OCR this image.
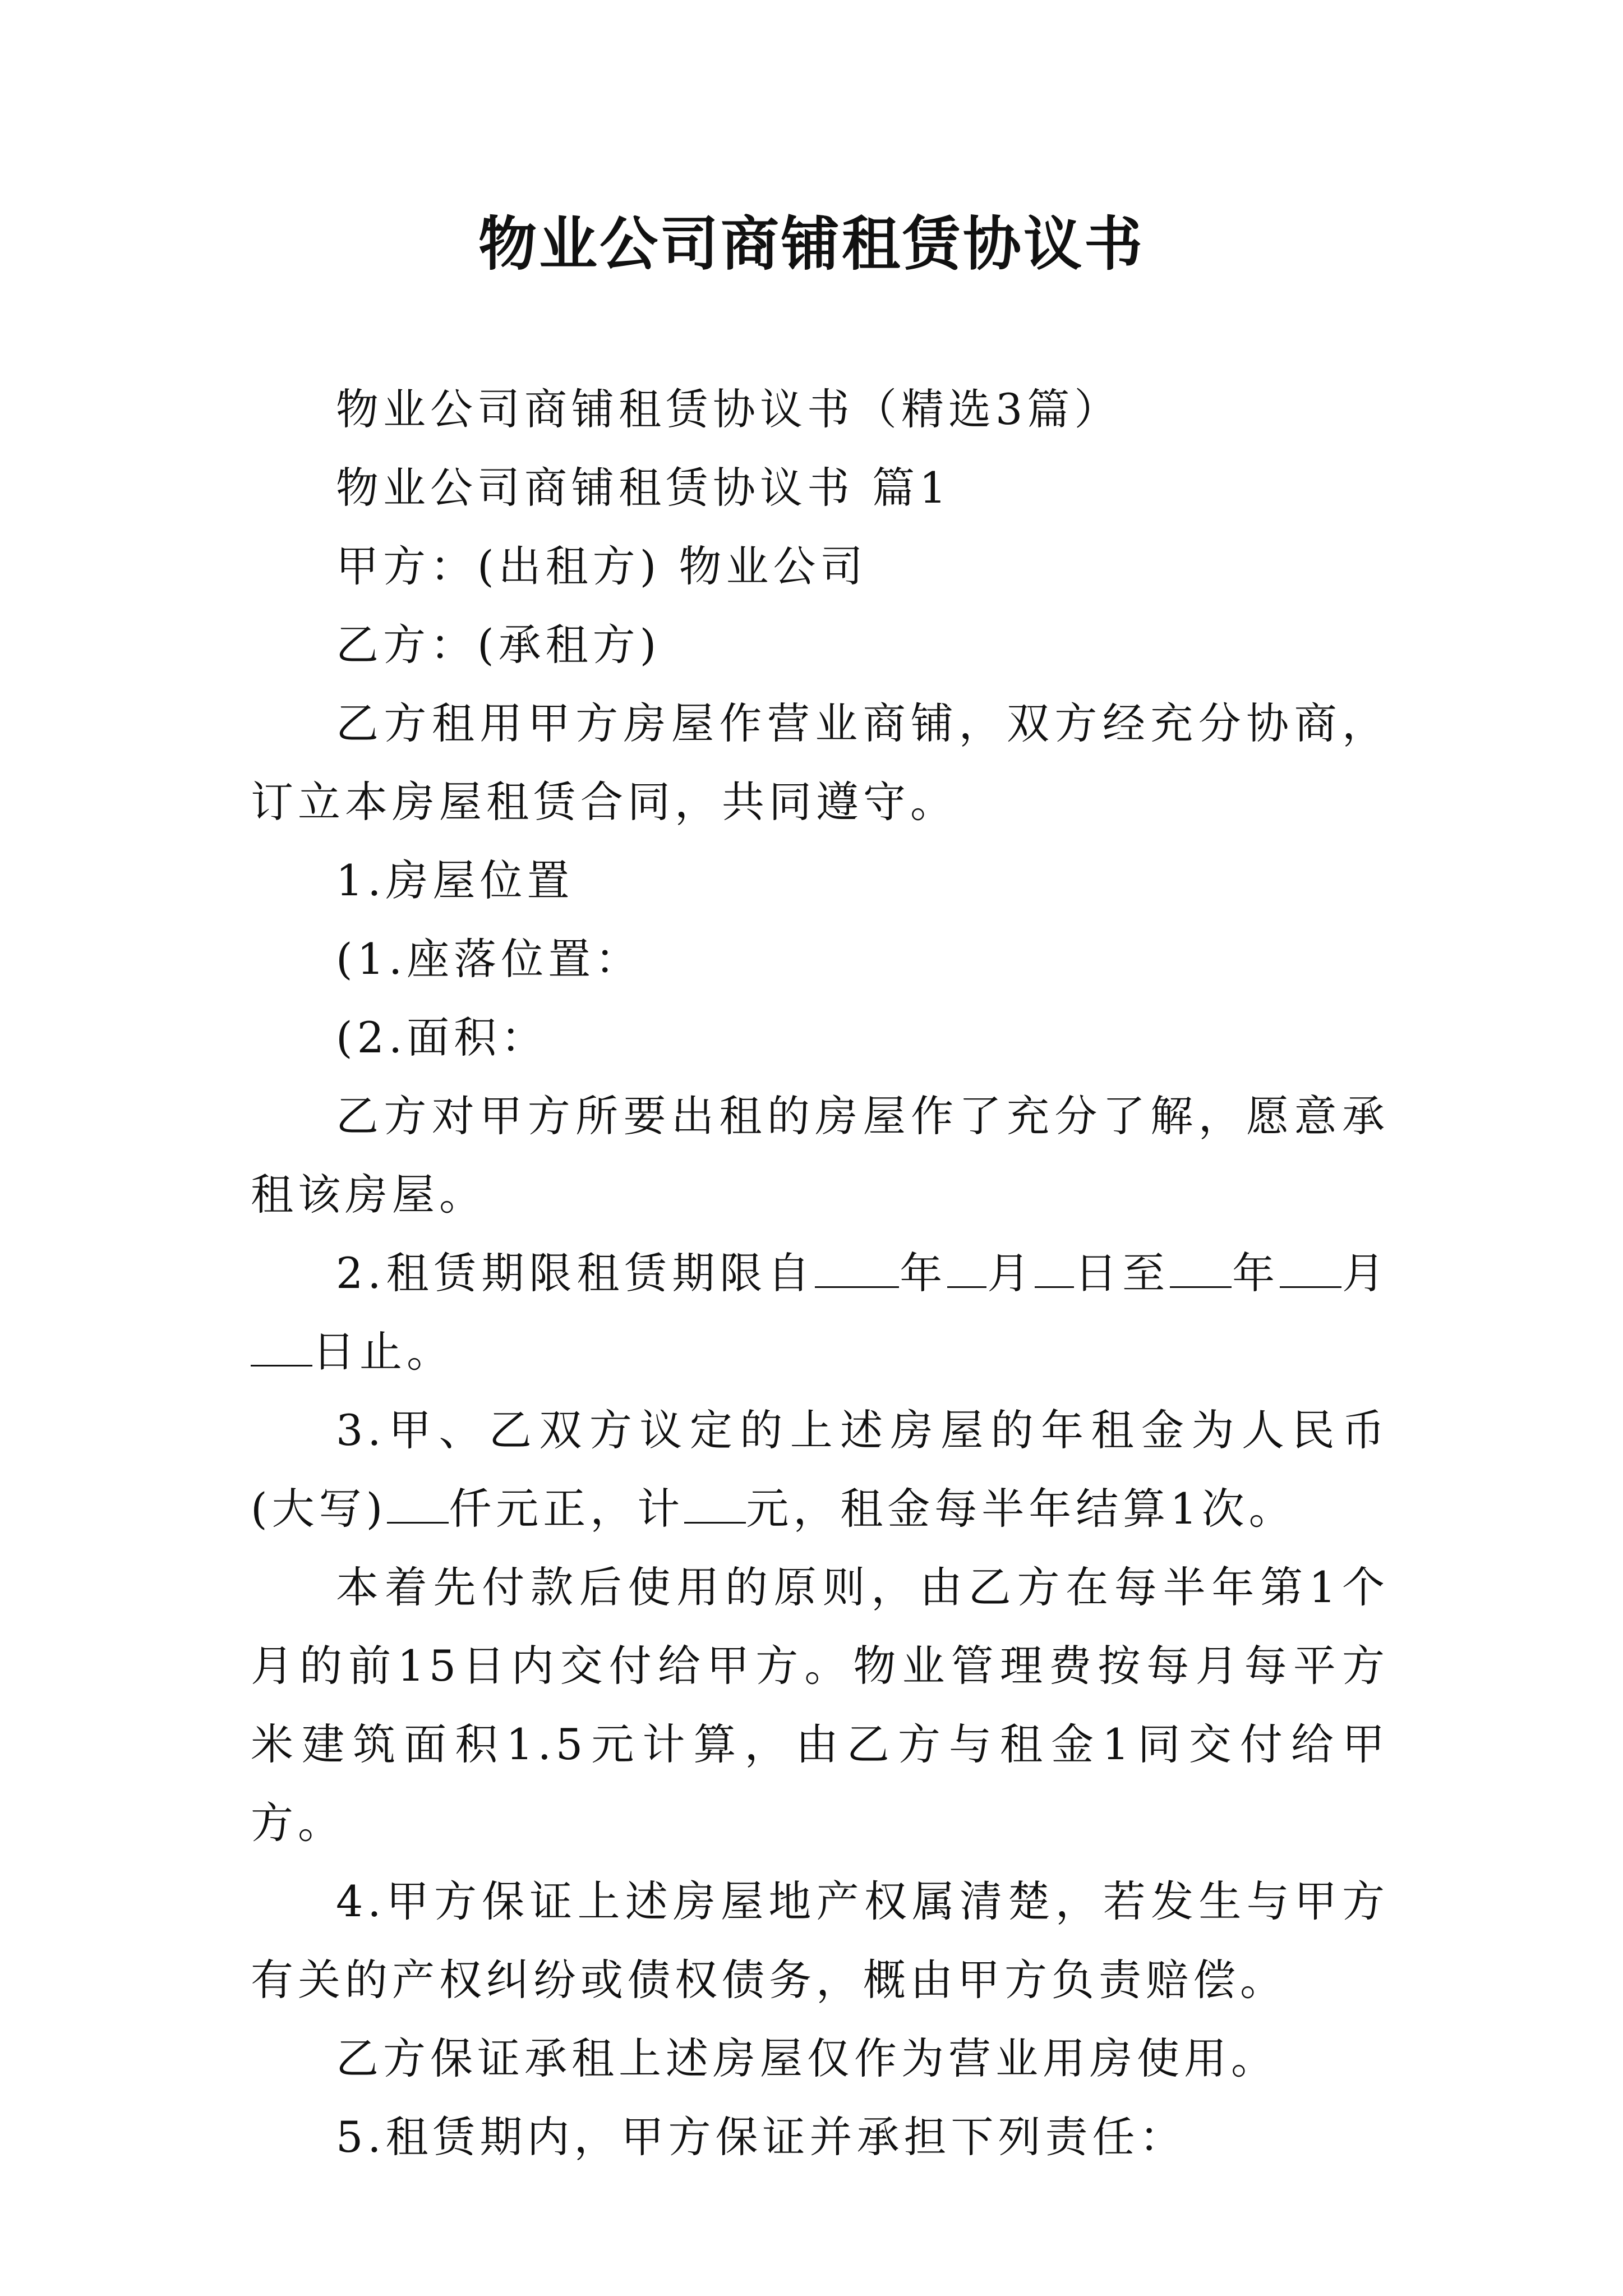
物业公司商铺租赁协议书

物业公司商铺租赁协议书（精选3篇）

物业公司商铺租赁协议书 篇1

甲方：(出租方) 物业公司

乙方：(承租方)

乙方租用甲方房屋作营业商铺，双方经充分协商，订立本房屋租赁合同，共同遵守。

1.房屋位置

(1.座落位置：

(2.面积：

乙方对甲方所要出租的房屋作了充分了解，愿意承租该房屋。

2.租赁期限租赁期限自 年 月 日至 年 月日止。

3.甲、乙双方议定的上述房屋的年租金为人民币(大写) 仟元正，计 元，租金每半年结算1次。

本着先付款后使用的原则，由乙方在每半年第1个月的前15日内交付给甲方。物业管理费按每月每平方米建筑面积1.5元计算，由乙方与租金1同交付给甲方。

4.甲方保证上述房屋地产权属清楚，若发生与甲方有关的产权纠纷或债权债务，概由甲方负责赔偿。

乙方保证承租上述房屋仅作为营业用房使用。

5.租赁期内，甲方保证并承担下列责任：
